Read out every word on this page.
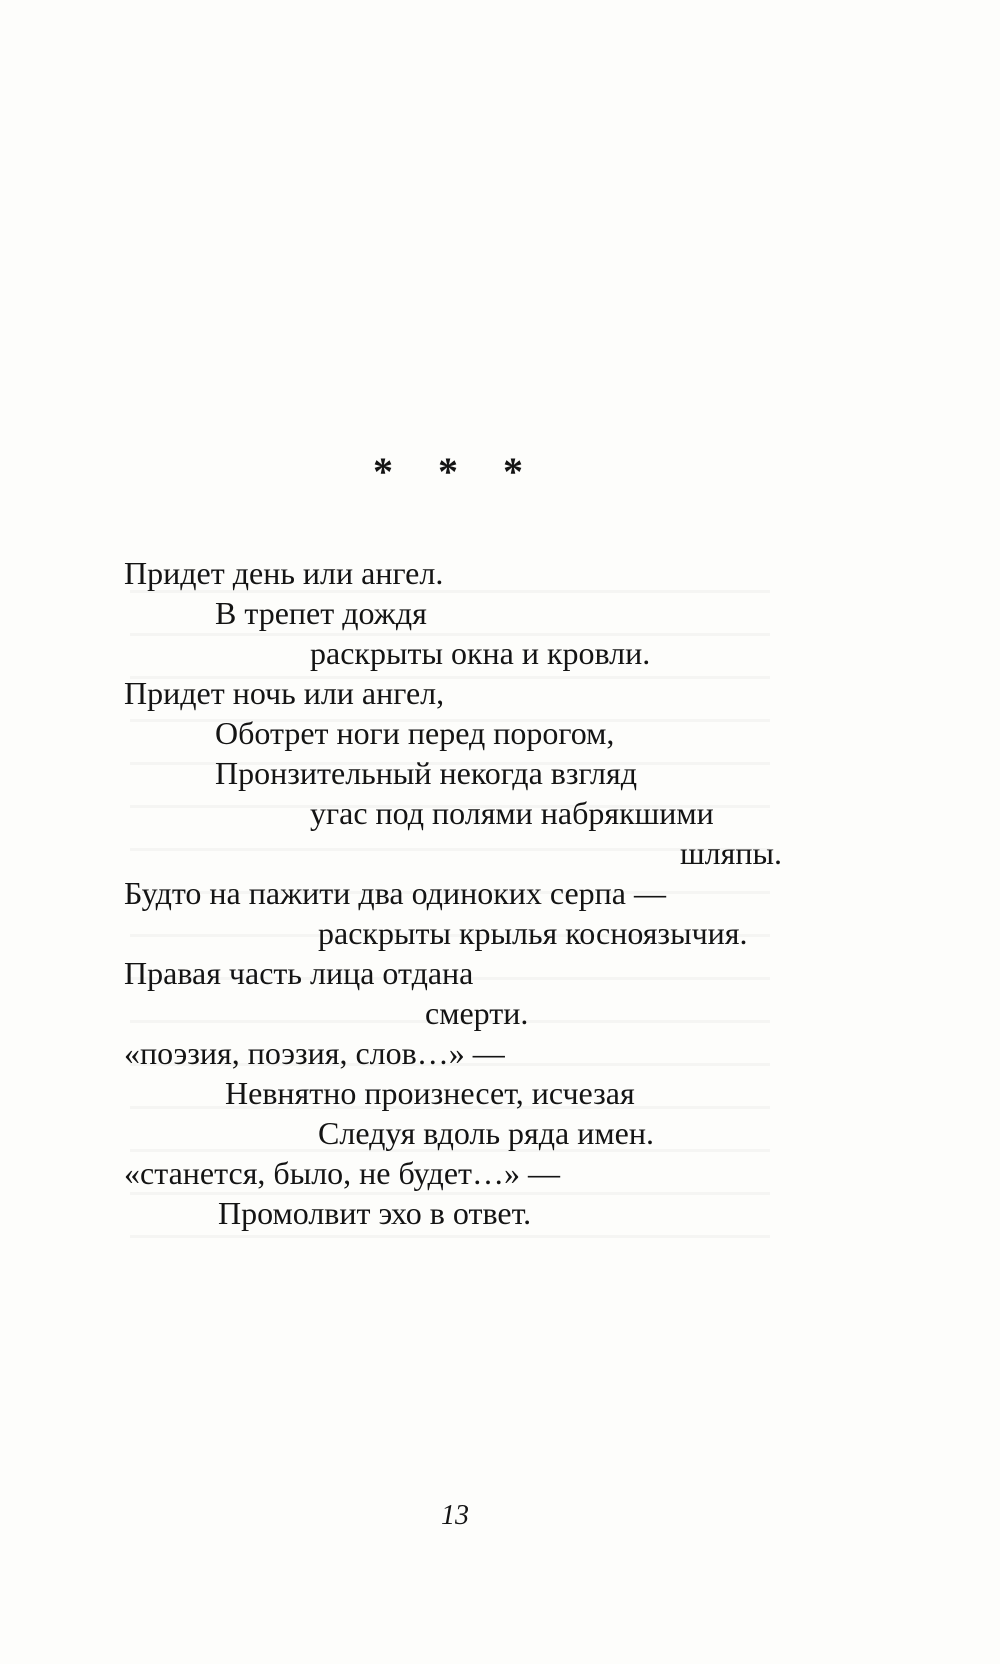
* * *
Придет день или ангел.
В трепет дождя
раскрыты окна и кровли.
Придет ночь или ангел,
Оботрет ноги перед порогом,
Пронзительный некогда взгляд
угас под полями набрякшими
шляпы.
Будто на пажити два одиноких серпа —
раскрыты крылья косноязычия.
Правая часть лица отдана
смерти.
«поэзия, поэзия, слов…» —
Невнятно произнесет, исчезая
Следуя вдоль ряда имен.
«станется, было, не будет…» —
Промолвит эхо в ответ.
13
